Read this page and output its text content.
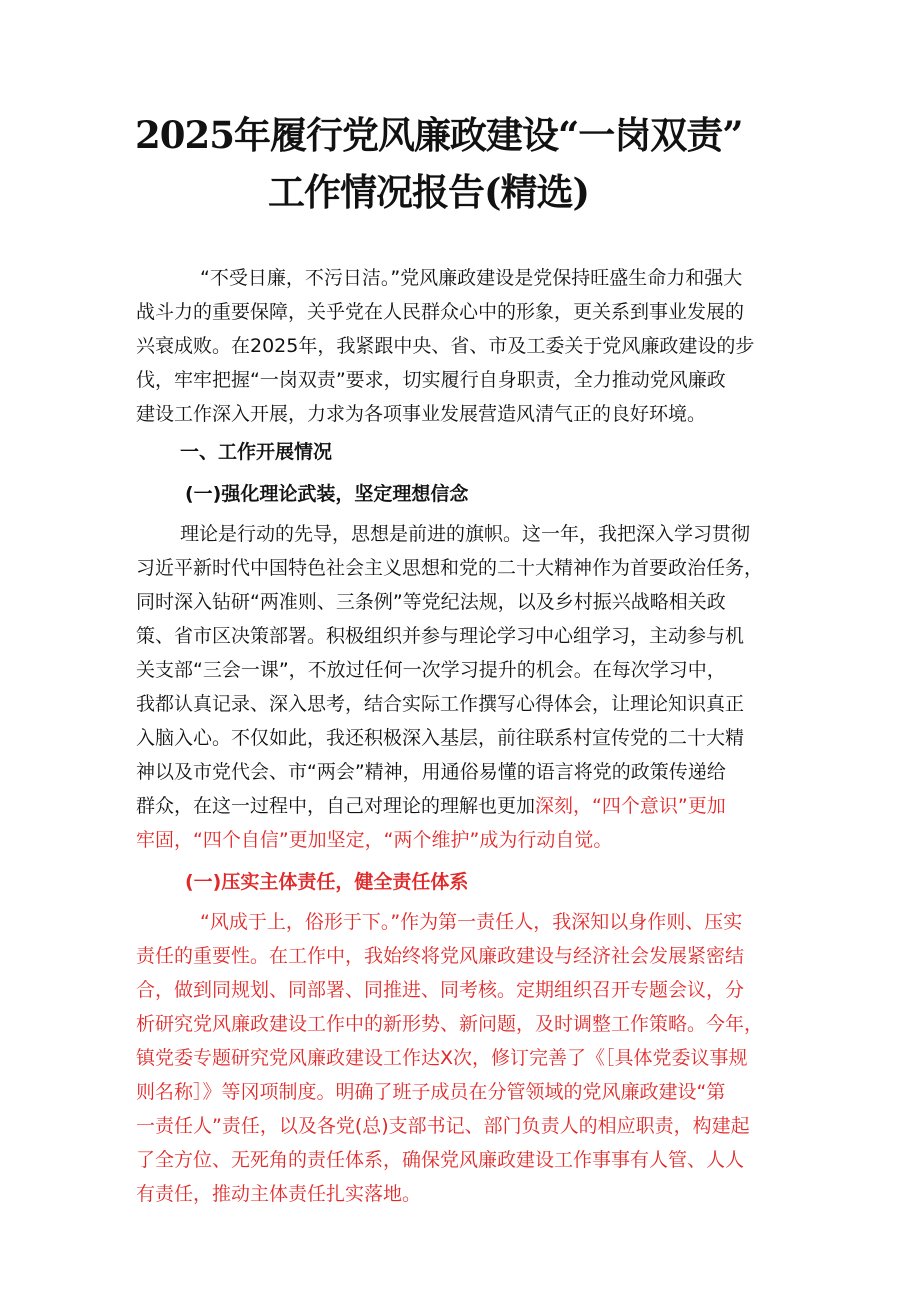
2025年履行党风廉政建设“一岗双责”
工作情况报告(精选)

“不受日廉，不污日洁。”党风廉政建设是党保持旺盛生命力和强大

战斗力的重要保障，关乎党在人民群众心中的形象，更关系到事业发展的

兴衰成败。在2025年，我紧跟中央、省、市及工委关于党风廉政建设的步

伐，牢牢把握“一岗双责”要求，切实履行自身职责，全力推动党风廉政

建设工作深入开展，力求为各项事业发展营造风清气正的良好环境。

一、工作开展情况

(一)强化理论武装，坚定理想信念

理论是行动的先导，思想是前进的旗帜。这一年，我把深入学习贯彻

习近平新时代中国特色社会主义思想和党的二十大精神作为首要政治任务，

同时深入钻研“两准则、三条例”等党纪法规，以及乡村振兴战略相关政

策、省市区决策部署。积极组织并参与理论学习中心组学习，主动参与机

关支部“三会一课”，不放过任何一次学习提升的机会。在每次学习中，

我都认真记录、深入思考，结合实际工作撰写心得体会，让理论知识真正

入脑入心。不仅如此，我还积极深入基层，前往联系村宣传党的二十大精

神以及市党代会、市“两会”精神，用通俗易懂的语言将党的政策传递给

群众，在这一过程中，自己对理论的理解也更加深刻，“四个意识”更加

牢固，“四个自信”更加坚定，“两个维护”成为行动自觉。

(一)压实主体责任，健全责任体系

“风成于上，俗形于下。”作为第一责任人，我深知以身作则、压实

责任的重要性。在工作中，我始终将党风廉政建设与经济社会发展紧密结

合，做到同规划、同部署、同推进、同考核。定期组织召开专题会议，分

析研究党风廉政建设工作中的新形势、新问题，及时调整工作策略。今年，

镇党委专题研究党风廉政建设工作达X次，修订完善了《［具体党委议事规

则名称］》等冈项制度。明确了班子成员在分管领域的党风廉政建设“第

一责任人”责任，以及各党(总)支部书记、部门负责人的相应职责，构建起

了全方位、无死角的责任体系，确保党风廉政建设工作事事有人管、人人

有责任，推动主体责任扎实落地。
